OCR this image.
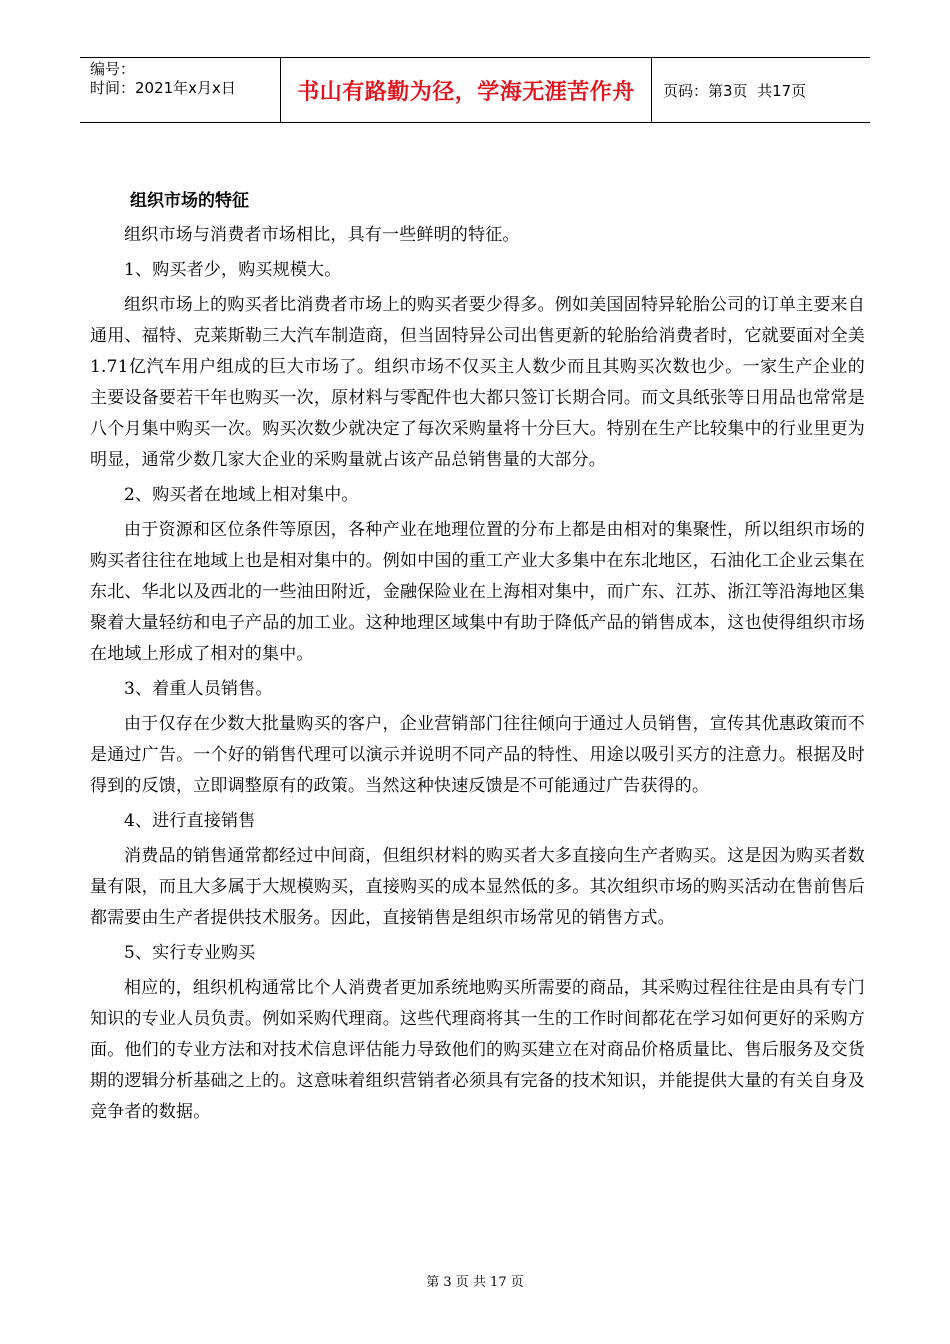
编号：
时间：2021年x月x日	书山有路勤为径，学海无涯苦作舟	页码：第3页  共17页
组织市场的特征

组织市场与消费者市场相比，具有一些鲜明的特征。

1、购买者少，购买规模大。

组织市场上的购买者比消费者市场上的购买者要少得多。例如美国固特异轮胎公司的订单主要来自通用、福特、克莱斯勒三大汽车制造商，但当固特异公司出售更新的轮胎给消费者时，它就要面对全美1.71亿汽车用户组成的巨大市场了。组织市场不仅买主人数少而且其购买次数也少。一家生产企业的主要设备要若干年也购买一次，原材料与零配件也大都只签订长期合同。而文具纸张等日用品也常常是八个月集中购买一次。购买次数少就决定了每次采购量将十分巨大。特别在生产比较集中的行业里更为明显，通常少数几家大企业的采购量就占该产品总销售量的大部分。

2、购买者在地域上相对集中。

由于资源和区位条件等原因，各种产业在地理位置的分布上都是由相对的集聚性，所以组织市场的购买者往往在地域上也是相对集中的。例如中国的重工产业大多集中在东北地区，石油化工企业云集在东北、华北以及西北的一些油田附近，金融保险业在上海相对集中，而广东、江苏、浙江等沿海地区集聚着大量轻纺和电子产品的加工业。这种地理区域集中有助于降低产品的销售成本，这也使得组织市场在地域上形成了相对的集中。

3、着重人员销售。

由于仅存在少数大批量购买的客户，企业营销部门往往倾向于通过人员销售，宣传其优惠政策而不是通过广告。一个好的销售代理可以演示并说明不同产品的特性、用途以吸引买方的注意力。根据及时得到的反馈，立即调整原有的政策。当然这种快速反馈是不可能通过广告获得的。

4、进行直接销售

消费品的销售通常都经过中间商，但组织材料的购买者大多直接向生产者购买。这是因为购买者数量有限，而且大多属于大规模购买，直接购买的成本显然低的多。其次组织市场的购买活动在售前售后都需要由生产者提供技术服务。因此，直接销售是组织市场常见的销售方式。

5、实行专业购买

相应的，组织机构通常比个人消费者更加系统地购买所需要的商品，其采购过程往往是由具有专门知识的专业人员负责。例如采购代理商。这些代理商将其一生的工作时间都花在学习如何更好的采购方面。他们的专业方法和对技术信息评估能力导致他们的购买建立在对商品价格质量比、售后服务及交货期的逻辑分析基础之上的。这意味着组织营销者必须具有完备的技术知识，并能提供大量的有关自身及竞争者的数据。

第 3 页 共 17 页
